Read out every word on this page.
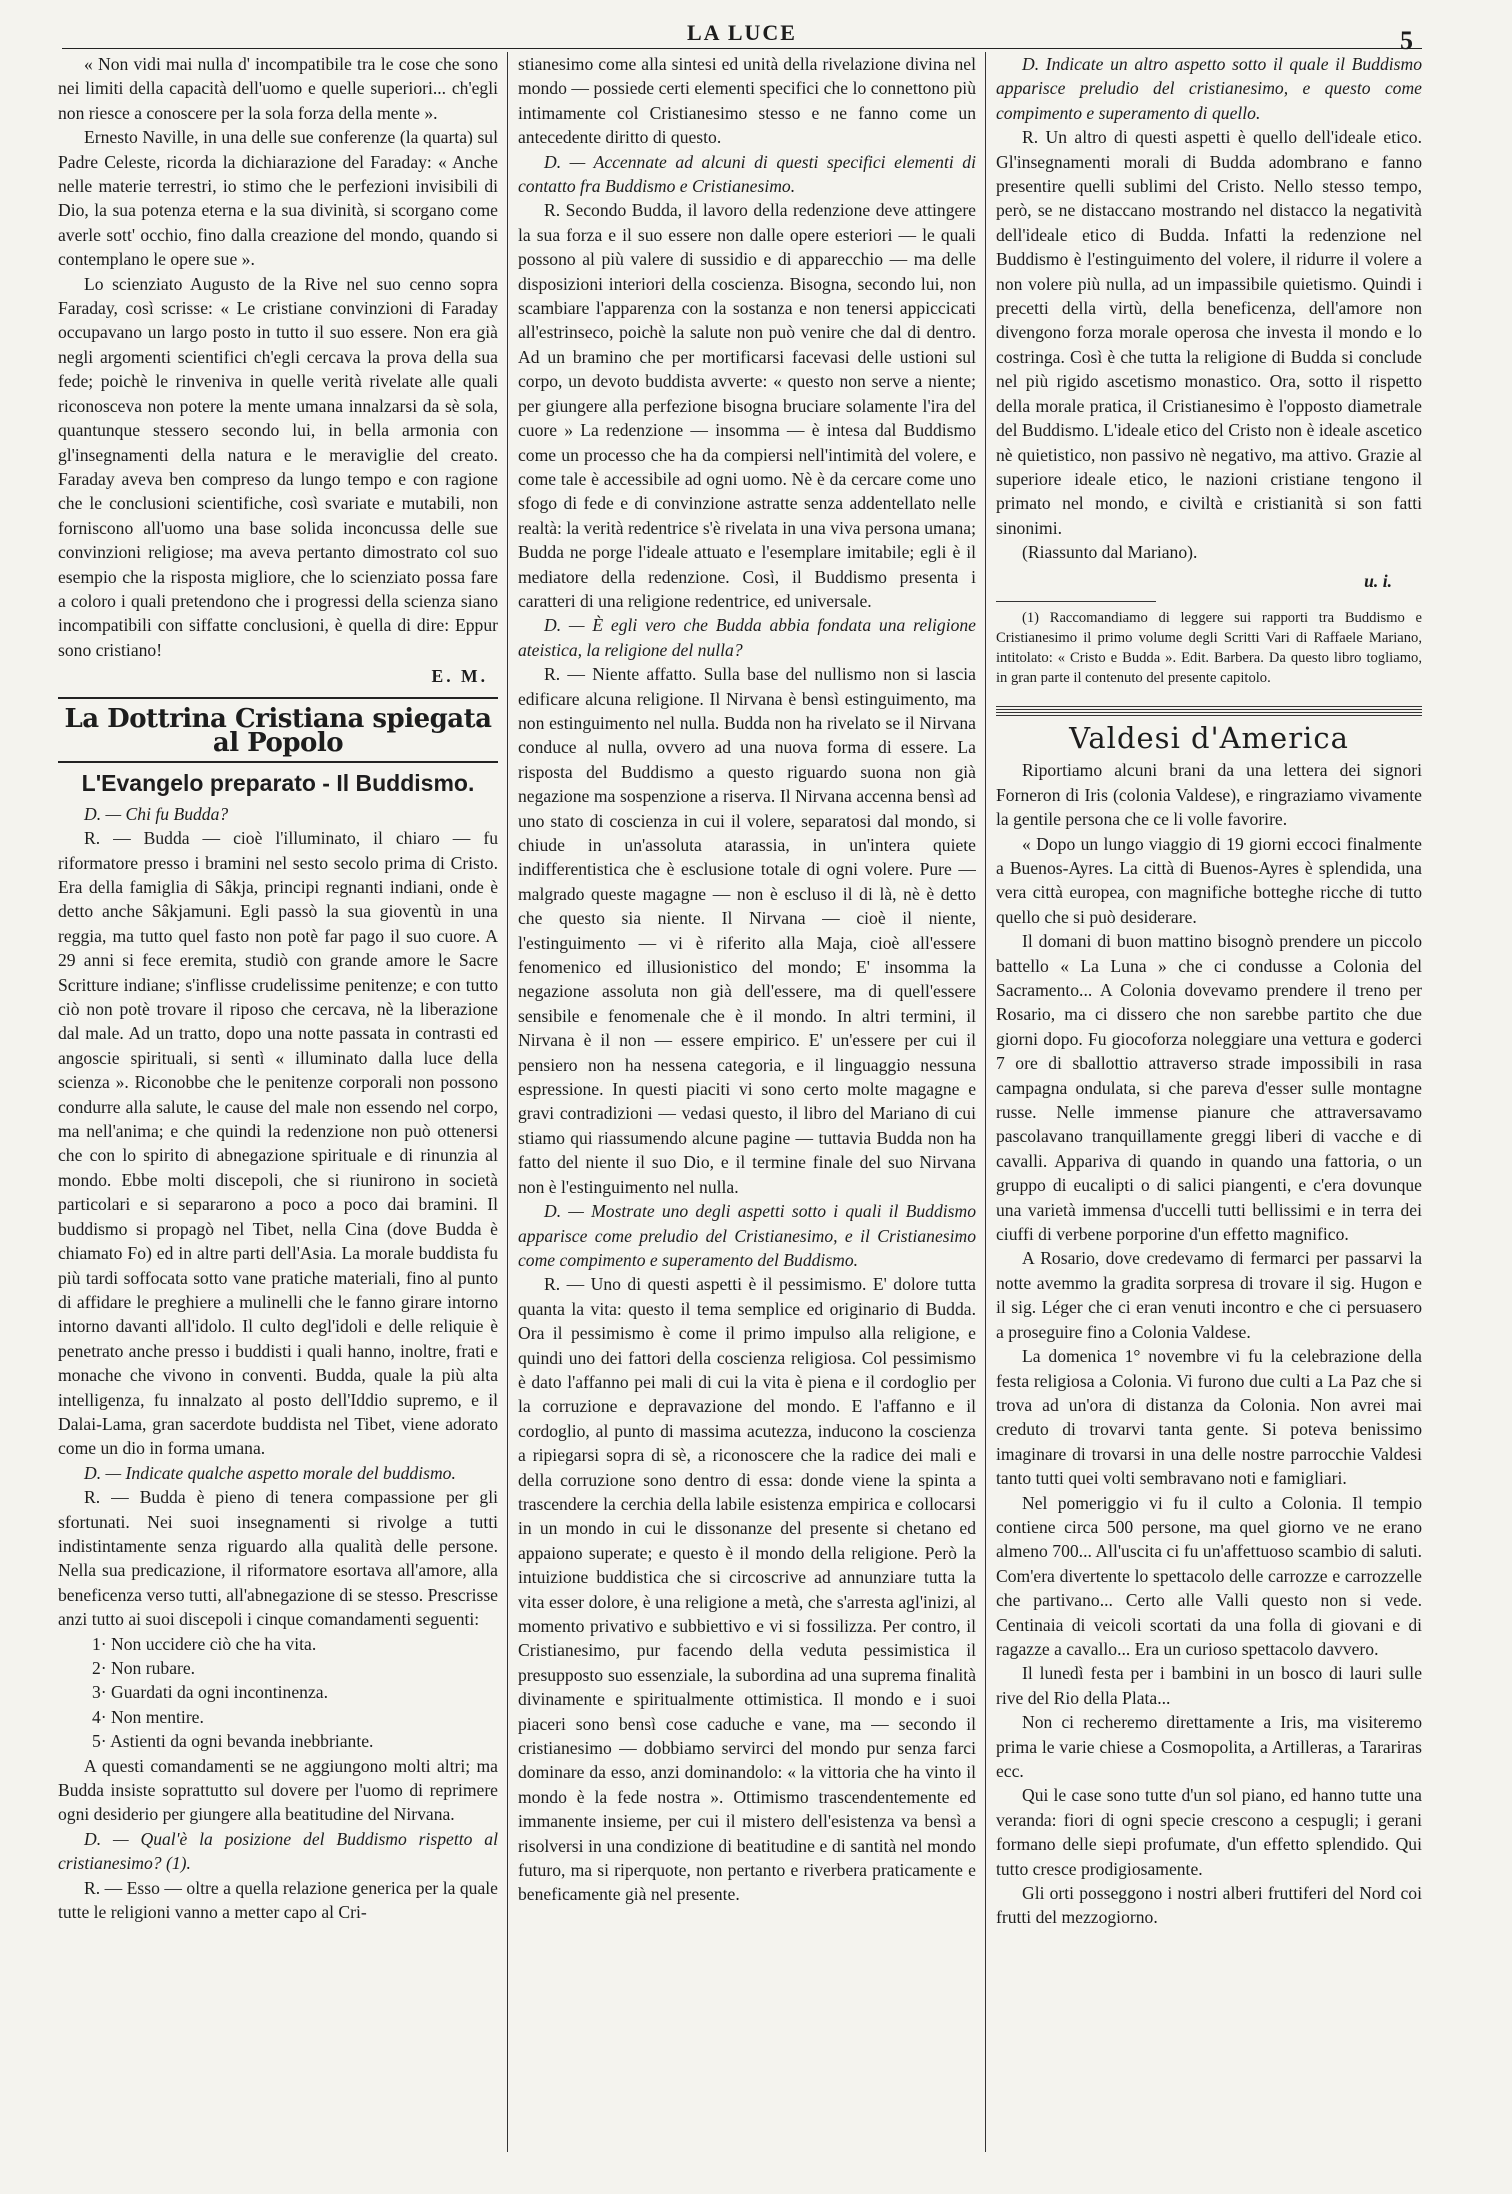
LA LUCE	5

« Non vidi mai nulla d' incompatibile tra le cose che sono nei limiti della capacità dell'uomo e quelle superiori... ch'egli non riesce a conoscere per la sola forza della mente ».

Ernesto Naville, in una delle sue conferenze (la quarta) sul Padre Celeste, ricorda la dichiarazione del Faraday: « Anche nelle materie terrestri, io stimo che le perfezioni invisibili di Dio, la sua potenza eterna e la sua divinità, si scorgano come averle sott' occhio, fino dalla creazione del mondo, quando si contemplano le opere sue ».

Lo scienziato Augusto de la Rive nel suo cenno sopra Faraday, così scrisse: « Le cristiane convinzioni di Faraday occupavano un largo posto in tutto il suo essere. Non era già negli argomenti scientifici ch'egli cercava la prova della sua fede; poichè le rinveniva in quelle verità rivelate alle quali riconosceva non potere la mente umana innalzarsi da sè sola, quantunque stessero secondo lui, in bella armonia con gl'insegnamenti della natura e le meraviglie del creato. Faraday aveva ben compreso da lungo tempo e con ragione che le conclusioni scientifiche, così svariate e mutabili, non forniscono all'uomo una base solida inconcussa delle sue convinzioni religiose; ma aveva pertanto dimostrato col suo esempio che la risposta migliore, che lo scienziato possa fare a coloro i quali pretendono che i progressi della scienza siano incompatibili con siffatte conclusioni, è quella di dire: Eppur sono cristiano!

E. M.
La Dottrina Cristiana spiegata al Popolo
L'Evangelo preparato - Il Buddismo.

D. — Chi fu Budda?

R. — Budda — cioè l'illuminato, il chiaro — fu riformatore presso i bramini nel sesto secolo prima di Cristo. Era della famiglia di Sâkja, principi regnanti indiani, onde è detto anche Sâkjamuni. Egli passò la sua gioventù in una reggia, ma tutto quel fasto non potè far pago il suo cuore. A 29 anni si fece eremita, studiò con grande amore le Sacre Scritture indiane; s'inflisse crudelissime penitenze; e con tutto ciò non potè trovare il riposo che cercava, nè la liberazione dal male. Ad un tratto, dopo una notte passata in contrasti ed angoscie spirituali, si sentì « illuminato dalla luce della scienza ». Riconobbe che le penitenze corporali non possono condurre alla salute, le cause del male non essendo nel corpo, ma nell'anima; e che quindi la redenzione non può ottenersi che con lo spirito di abnegazione spirituale e di rinunzia al mondo. Ebbe molti discepoli, che si riunirono in società particolari e si separarono a poco a poco dai bramini. Il buddismo si propagò nel Tibet, nella Cina (dove Budda è chiamato Fo) ed in altre parti dell'Asia. La morale buddista fu più tardi soffocata sotto vane pratiche materiali, fino al punto di affidare le preghiere a mulinelli che le fanno girare intorno intorno davanti all'idolo. Il culto degl'idoli e delle reliquie è penetrato anche presso i buddisti i quali hanno, inoltre, frati e monache che vivono in conventi. Budda, quale la più alta intelligenza, fu innalzato al posto dell'Iddio supremo, e il Dalai-Lama, gran sacerdote buddista nel Tibet, viene adorato come un dio in forma umana.

D. — Indicate qualche aspetto morale del buddismo.

R. — Budda è pieno di tenera compassione per gli sfortunati. Nei suoi insegnamenti si rivolge a tutti indistintamente senza riguardo alla qualità delle persone. Nella sua predicazione, il riformatore esortava all'amore, alla beneficenza verso tutti, all'abnegazione di se stesso. Prescrisse anzi tutto ai suoi discepoli i cinque comandamenti seguenti:

1· Non uccidere ciò che ha vita.
2· Non rubare.
3· Guardati da ogni incontinenza.
4· Non mentire.
5· Astienti da ogni bevanda inebbriante.

A questi comandamenti se ne aggiungono molti altri; ma Budda insiste soprattutto sul dovere per l'uomo di reprimere ogni desiderio per giungere alla beatitudine del Nirvana.

D. — Qual'è la posizione del Buddismo rispetto al cristianesimo? (1).

R. — Esso — oltre a quella relazione generica per la quale tutte le religioni vanno a metter capo al Cri-

stianesimo come alla sintesi ed unità della rivelazione divina nel mondo — possiede certi elementi specifici che lo connettono più intimamente col Cristianesimo stesso e ne fanno come un antecedente diritto di questo.

D. — Accennate ad alcuni di questi specifici elementi di contatto fra Buddismo e Cristianesimo.

R. Secondo Budda, il lavoro della redenzione deve attingere la sua forza e il suo essere non dalle opere esteriori — le quali possono al più valere di sussidio e di apparecchio — ma delle disposizioni interiori della coscienza. Bisogna, secondo lui, non scambiare l'apparenza con la sostanza e non tenersi appiccicati all'estrinseco, poichè la salute non può venire che dal di dentro. Ad un bramino che per mortificarsi facevasi delle ustioni sul corpo, un devoto buddista avverte: « questo non serve a niente; per giungere alla perfezione bisogna bruciare solamente l'ira del cuore » La redenzione — insomma — è intesa dal Buddismo come un processo che ha da compiersi nell'intimità del volere, e come tale è accessibile ad ogni uomo. Nè è da cercare come uno sfogo di fede e di convinzione astratte senza addentellato nelle realtà: la verità redentrice s'è rivelata in una viva persona umana; Budda ne porge l'ideale attuato e l'esemplare imitabile; egli è il mediatore della redenzione. Così, il Buddismo presenta i caratteri di una religione redentrice, ed universale.

D. — È egli vero che Budda abbia fondata una religione ateistica, la religione del nulla?

R. — Niente affatto. Sulla base del nullismo non si lascia edificare alcuna religione. Il Nirvana è bensì estinguimento, ma non estinguimento nel nulla. Budda non ha rivelato se il Nirvana conduce al nulla, ovvero ad una nuova forma di essere. La risposta del Buddismo a questo riguardo suona non già negazione ma sospenzione a riserva. Il Nirvana accenna bensì ad uno stato di coscienza in cui il volere, separatosi dal mondo, si chiude in un'assoluta atarassia, in un'intera quiete indifferentistica che è esclusione totale di ogni volere. Pure — malgrado queste magagne — non è escluso il di là, nè è detto che questo sia niente. Il Nirvana — cioè il niente, l'estinguimento — vi è riferito alla Maja, cioè all'essere fenomenico ed illusionistico del mondo; E' insomma la negazione assoluta non già dell'essere, ma di quell'essere sensibile e fenomenale che è il mondo. In altri termini, il Nirvana è il non — essere empirico. E' un'essere per cui il pensiero non ha nessena categoria, e il linguaggio nessuna espressione. In questi piaciti vi sono certo molte magagne e gravi contradizioni — vedasi questo, il libro del Mariano di cui stiamo qui riassumendo alcune pagine — tuttavia Budda non ha fatto del niente il suo Dio, e il termine finale del suo Nirvana non è l'estinguimento nel nulla.

D. — Mostrate uno degli aspetti sotto i quali il Buddismo apparisce come preludio del Cristianesimo, e il Cristianesimo come compimento e superamento del Buddismo.

R. — Uno di questi aspetti è il pessimismo. E' dolore tutta quanta la vita: questo il tema semplice ed originario di Budda. Ora il pessimismo è come il primo impulso alla religione, e quindi uno dei fattori della coscienza religiosa. Col pessimismo è dato l'affanno pei mali di cui la vita è piena e il cordoglio per la corruzione e depravazione del mondo. E l'affanno e il cordoglio, al punto di massima acutezza, inducono la coscienza a ripiegarsi sopra di sè, a riconoscere che la radice dei mali e della corruzione sono dentro di essa: donde viene la spinta a trascendere la cerchia della labile esistenza empirica e collocarsi in un mondo in cui le dissonanze del presente si chetano ed appaiono superate; e questo è il mondo della religione. Però la intuizione buddistica che si circoscrive ad annunziare tutta la vita esser dolore, è una religione a metà, che s'arresta agl'inizi, al momento privativo e subbiettivo e vi si fossilizza. Per contro, il Cristianesimo, pur facendo della veduta pessimistica il presupposto suo essenziale, la subordina ad una suprema finalità divinamente e spiritualmente ottimistica. Il mondo e i suoi piaceri sono bensì cose caduche e vane, ma — secondo il cristianesimo — dobbiamo servirci del mondo pur senza farci dominare da esso, anzi dominandolo: « la vittoria che ha vinto il mondo è la fede nostra ». Ottimismo trascendentemente ed immanente insieme, per cui il mistero dell'esistenza va bensì a risolversi in una condizione di beatitudine e di santità nel mondo futuro, ma si riperquote, non pertanto e riverbera praticamente e beneficamente già nel presente.

D. Indicate un altro aspetto sotto il quale il Buddismo apparisce preludio del cristianesimo, e questo come compimento e superamento di quello.

R. Un altro di questi aspetti è quello dell'ideale etico. Gl'insegnamenti morali di Budda adombrano e fanno presentire quelli sublimi del Cristo. Nello stesso tempo, però, se ne distaccano mostrando nel distacco la negatività dell'ideale etico di Budda. Infatti la redenzione nel Buddismo è l'estinguimento del volere, il ridurre il volere a non volere più nulla, ad un impassibile quietismo. Quindi i precetti della virtù, della beneficenza, dell'amore non divengono forza morale operosa che investa il mondo e lo costringa. Così è che tutta la religione di Budda si conclude nel più rigido ascetismo monastico. Ora, sotto il rispetto della morale pratica, il Cristianesimo è l'opposto diametrale del Buddismo. L'ideale etico del Cristo non è ideale ascetico nè quietistico, non passivo nè negativo, ma attivo. Grazie al superiore ideale etico, le nazioni cristiane tengono il primato nel mondo, e civiltà e cristianità si son fatti sinonimi.

(Riassunto dal Mariano).

u. i.

(1) Raccomandiamo di leggere sui rapporti tra Buddismo e Cristianesimo il primo volume degli Scritti Vari di Raffaele Mariano, intitolato: « Cristo e Budda ». Edit. Barbera. Da questo libro togliamo, in gran parte il contenuto del presente capitolo.

Valdesi d'America

Riportiamo alcuni brani da una lettera dei signori Forneron di Iris (colonia Valdese), e ringraziamo vivamente la gentile persona che ce li volle favorire.

« Dopo un lungo viaggio di 19 giorni eccoci finalmente a Buenos-Ayres. La città di Buenos-Ayres è splendida, una vera città europea, con magnifiche botteghe ricche di tutto quello che si può desiderare.

Il domani di buon mattino bisognò prendere un piccolo battello « La Luna » che ci condusse a Colonia del Sacramento... A Colonia dovevamo prendere il treno per Rosario, ma ci dissero che non sarebbe partito che due giorni dopo. Fu giocoforza noleggiare una vettura e goderci 7 ore di sballottio attraverso strade impossibili in rasa campagna ondulata, si che pareva d'esser sulle montagne russe. Nelle immense pianure che attraversavamo pascolavano tranquillamente greggi liberi di vacche e di cavalli. Appariva di quando in quando una fattoria, o un gruppo di eucalipti o di salici piangenti, e c'era dovunque una varietà immensa d'uccelli tutti bellissimi e in terra dei ciuffi di verbene porporine d'un effetto magnifico.

A Rosario, dove credevamo di fermarci per passarvi la notte avemmo la gradita sorpresa di trovare il sig. Hugon e il sig. Léger che ci eran venuti incontro e che ci persuasero a proseguire fino a Colonia Valdese.

La domenica 1° novembre vi fu la celebrazione della festa religiosa a Colonia. Vi furono due culti a La Paz che si trova ad un'ora di distanza da Colonia. Non avrei mai creduto di trovarvi tanta gente. Si poteva benissimo imaginare di trovarsi in una delle nostre parrocchie Valdesi tanto tutti quei volti sembravano noti e famigliari.

Nel pomeriggio vi fu il culto a Colonia. Il tempio contiene circa 500 persone, ma quel giorno ve ne erano almeno 700... All'uscita ci fu un'affettuoso scambio di saluti. Com'era divertente lo spettacolo delle carrozze e carrozzelle che partivano... Certo alle Valli questo non si vede. Centinaia di veicoli scortati da una folla di giovani e di ragazze a cavallo... Era un curioso spettacolo davvero.

Il lunedì festa per i bambini in un bosco di lauri sulle rive del Rio della Plata...

Non ci recheremo direttamente a Iris, ma visiteremo prima le varie chiese a Cosmopolita, a Artilleras, a Tarariras ecc.

Qui le case sono tutte d'un sol piano, ed hanno tutte una veranda: fiori di ogni specie crescono a cespugli; i gerani formano delle siepi profumate, d'un effetto splendido. Qui tutto cresce prodigiosamente.

Gli orti posseggono i nostri alberi fruttiferi del Nord coi frutti del mezzogiorno.
